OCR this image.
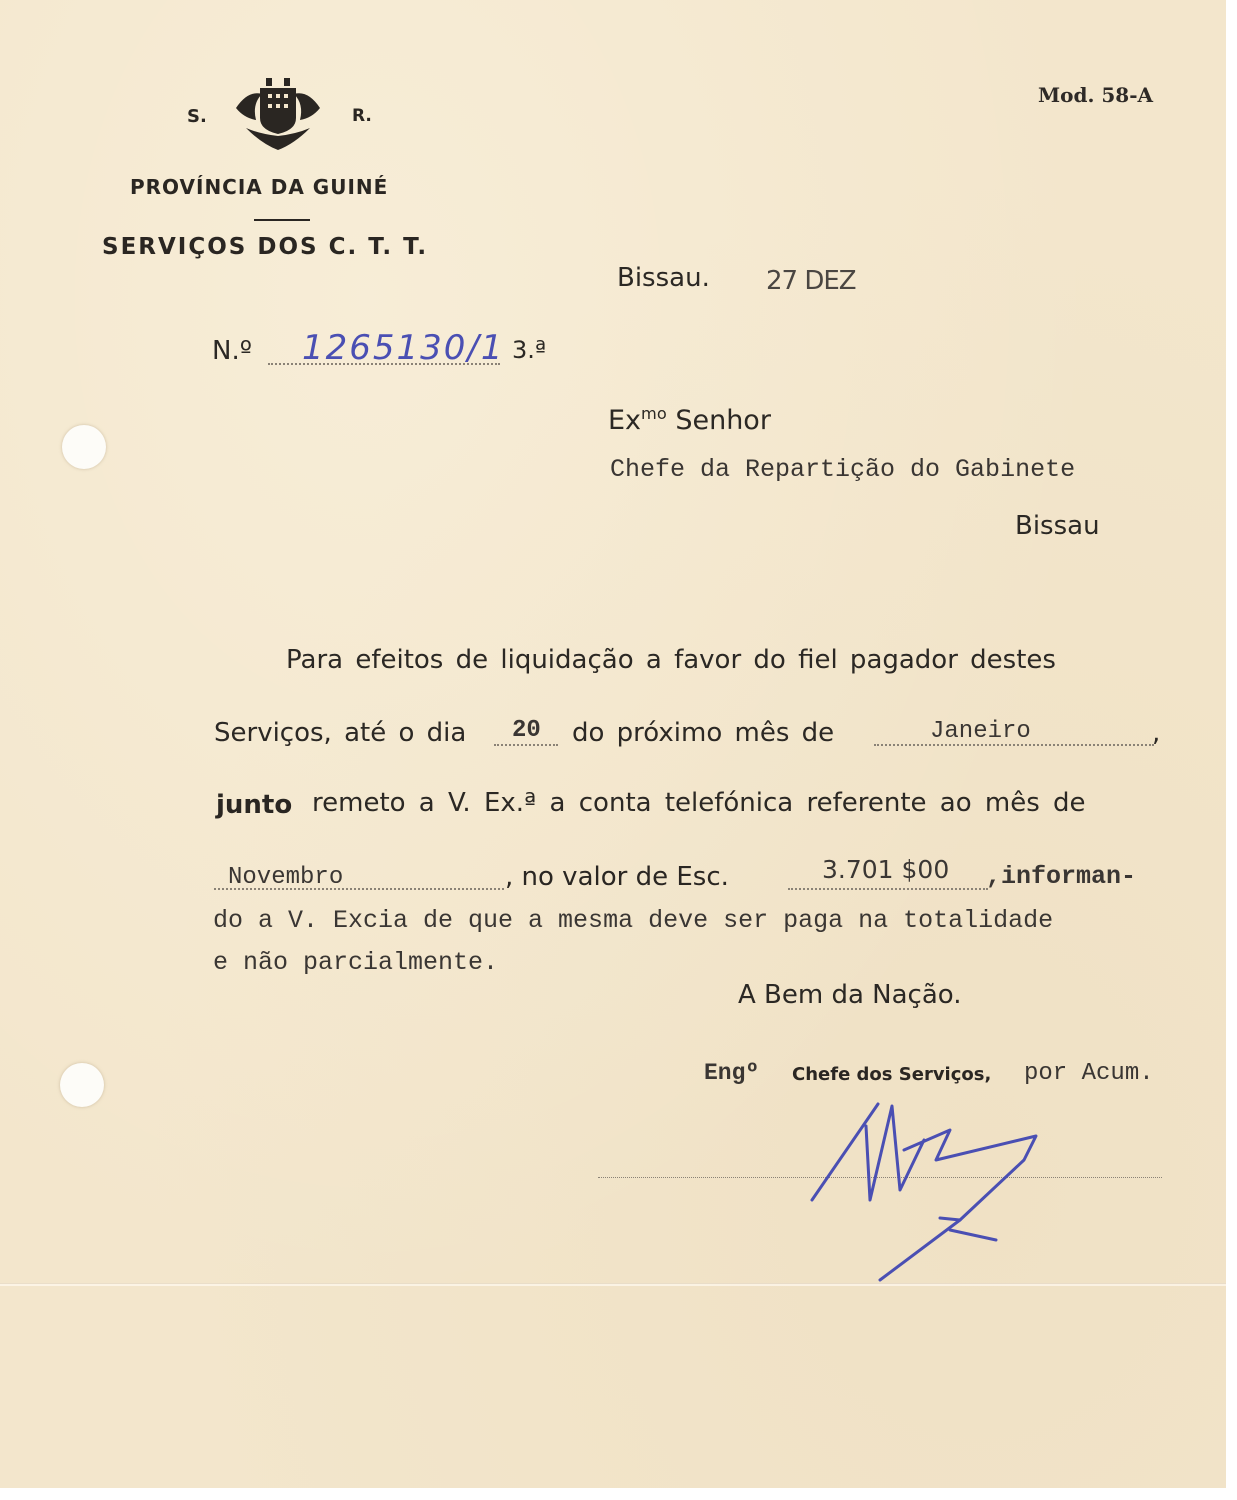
S.	R.
PROVÍNCIA DA GUINÉ
SERVIÇOS DOS C. T. T.
Mod. 58-A
Bissau. 27 DEZ
N.º 1265130/1 3.ª
$Ex^{mo}$ Senhor
Chefe da Repartição do Gabinete
Bissau
Para efeitos de liquidação a favor do fiel pagador destes
Serviços, até o dia 20 do próximo mês de	Janeiro	,
junto remeto a V. Ex.ª a conta telefónica referente ao mês de
Novembro	, no valor de Esc.	3.701 $00 ,informan-
do a V. Excia de que a mesma deve ser paga na totalidade
e não parcialmente.
A Bem da Nação.
Engº Chefe dos Serviços, por Acum.
